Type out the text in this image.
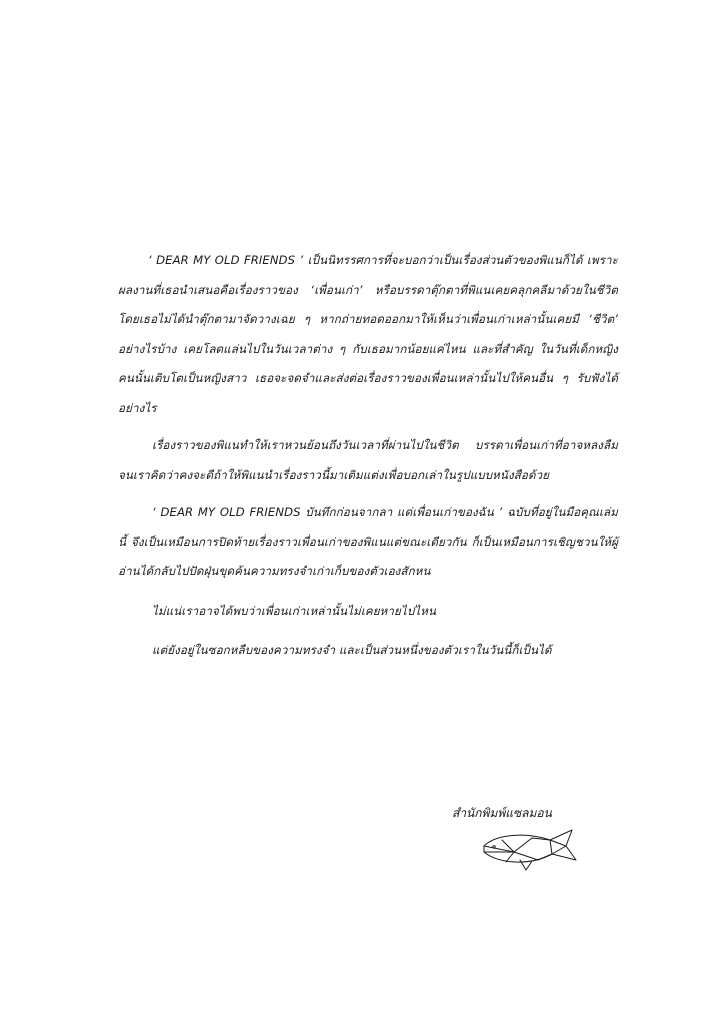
‘ DEAR MY OLD FRIENDS ’ เป็นนิทรรศการที่จะบอกว่าเป็นเรื่องส่วนตัวของพิแนก็ได้ เพราะผลงานที่เธอนำเสนอคือเรื่องราวของ ‘เพื่อนเก่า’ หรือบรรดาตุ๊กตาที่พิแนเคยคลุกคลีมาด้วยในชีวิต โดยเธอไม่ได้นำตุ๊กตามาจัดวางเฉย ๆ หากถ่ายทอดออกมาให้เห็นว่าเพื่อนเก่าเหล่านั้นเคยมี ‘ชีวิต’ อย่างไรบ้าง เคยโลดแล่นไปในวันเวลาต่าง ๆ กับเธอมากน้อยแค่ไหน และที่สำคัญ ในวันที่เด็กหญิงคนนั้นเติบโตเป็นหญิงสาว เธอจะจดจำและส่งต่อเรื่องราวของเพื่อนเหล่านั้นไปให้คนอื่น ๆ รับฟังได้อย่างไร

เรื่องราวของพิแนทำให้เราหวนย้อนถึงวันเวลาที่ผ่านไปในชีวิต บรรดาเพื่อนเก่าที่อาจหลงลืม จนเราคิดว่าคงจะดีถ้าให้พิแนนำเรื่องราวนี้มาเติมแต่งเพื่อบอกเล่าในรูปแบบหนังสือด้วย

‘ DEAR MY OLD FRIENDS บันทึกก่อนจากลา แด่เพื่อนเก่าของฉัน ’ ฉบับที่อยู่ในมือคุณเล่มนี้ จึงเป็นเหมือนการปิดท้ายเรื่องราวเพื่อนเก่าของพิแนแต่ขณะเดียวกัน ก็เป็นเหมือนการเชิญชวนให้ผู้อ่านได้กลับไปปัดฝุ่นขุดค้นความทรงจำเก่าเก็บของตัวเองสักหน

ไม่แน่เราอาจได้พบว่าเพื่อนเก่าเหล่านั้นไม่เคยหายไปไหน

แต่ยังอยู่ในซอกหลืบของความทรงจำ และเป็นส่วนหนึ่งของตัวเราในวันนี้ก็เป็นได้

สำนักพิมพ์แซลมอน
